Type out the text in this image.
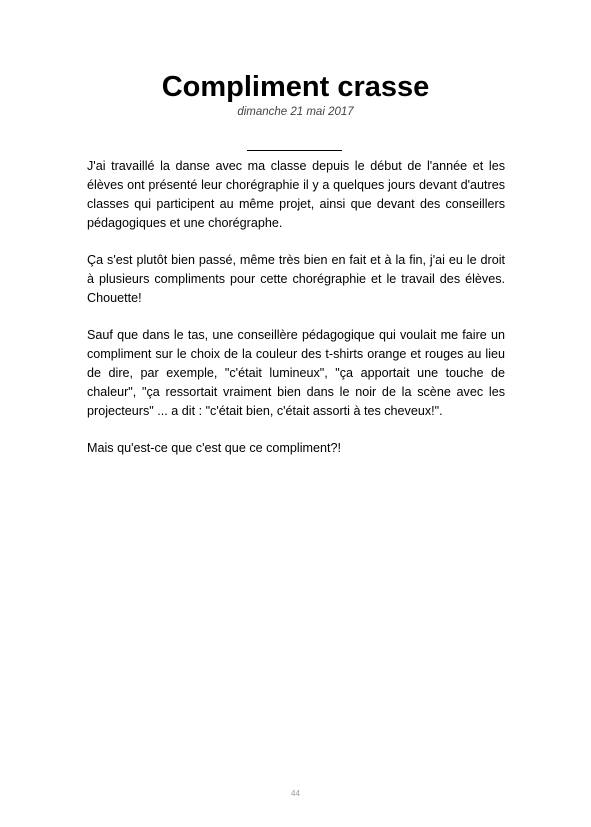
Compliment crasse
dimanche 21 mai 2017

J'ai travaillé la danse avec ma classe depuis le début de l'année et les élèves ont présenté leur chorégraphie il y a quelques jours devant d'autres classes qui participent au même projet, ainsi que devant des conseillers pédagogiques et une chorégraphe.

Ça s'est plutôt bien passé, même très bien en fait et à la fin, j'ai eu le droit à plusieurs compliments pour cette chorégraphie et le travail des élèves. Chouette!

Sauf que dans le tas, une conseillère pédagogique qui voulait me faire un compliment sur le choix de la couleur des t-shirts orange et rouges au lieu de dire, par exemple, "c'était lumineux", "ça apportait une touche de chaleur", "ça ressortait vraiment bien dans le noir de la scène avec les projecteurs" ... a dit : "c'était bien, c'était assorti à tes cheveux!".

Mais qu'est-ce que c'est que ce compliment?!

44
